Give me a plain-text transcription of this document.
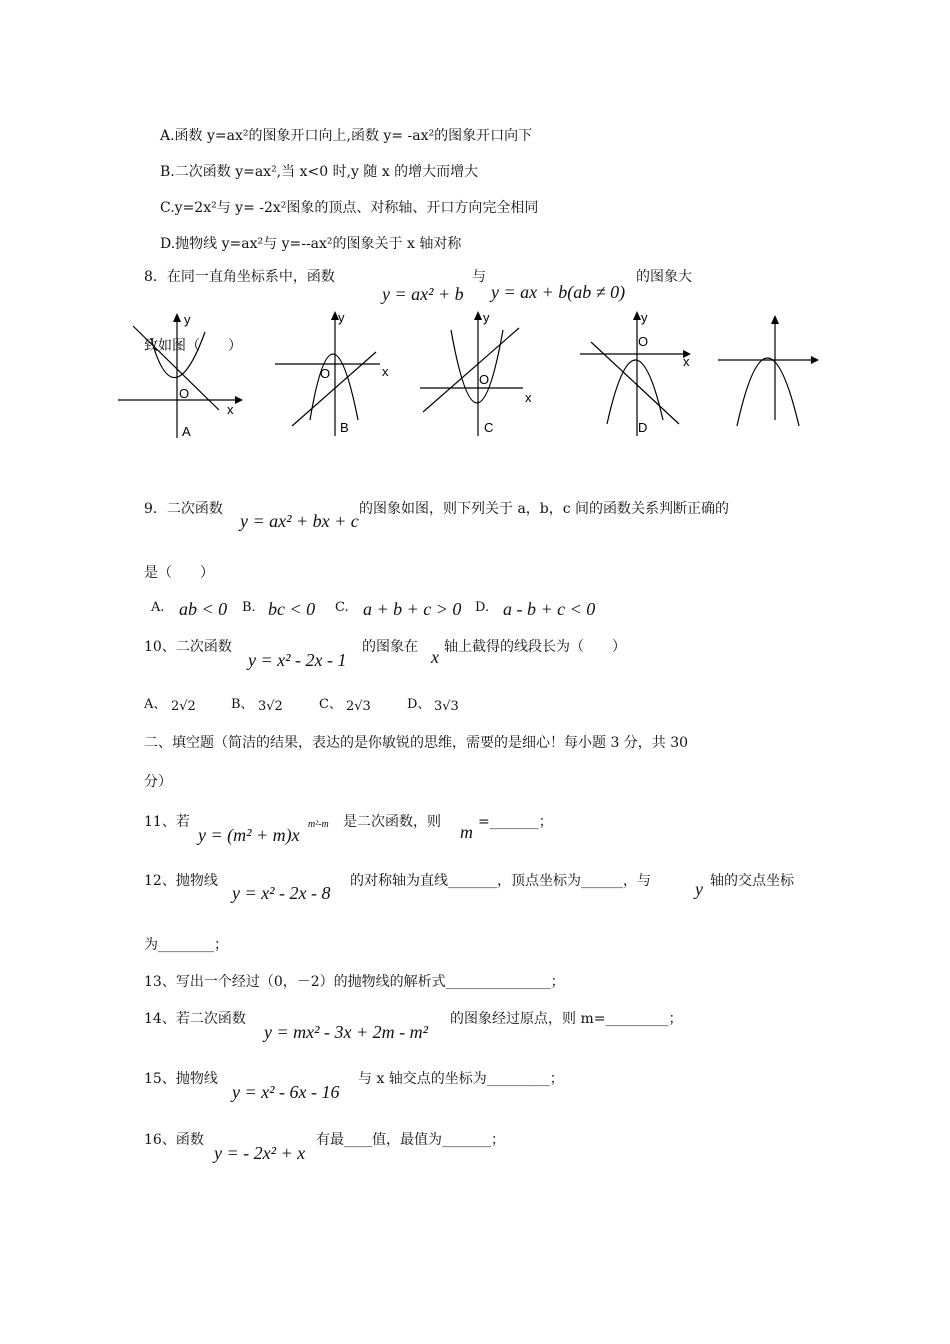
A.函数 y=ax²的图象开口向上,函数 y= -ax²的图象开口向下
B.二次函数 y=ax²,当 x<0 时,y 随 x 的增大而增大
C.y=2x²与 y= -2x²图象的顶点、对称轴、开口方向完全相同
D.抛物线 y=ax²与 y=--ax²的图象关于 x 轴对称
8．在同一直角坐标系中，函数
y = ax² + b
与
y = ax + b(ab ≠ 0)
的图象大
致如图（　　）
y
x
O
A
y
x
O
B
y
x
O
C
y
x
O
D
9．二次函数
y = ax² + bx + c
的图象如图，则下列关于 a，b，c 间的函数关系判断正确的
是（　　）
A. ab < 0 B. bc < 0 C. a + b + c > 0 D. a - b + c < 0
10、二次函数
y = x² - 2x - 1
的图象在 x 轴上截得的线段长为（　　）
A、 2√2	B、 3√2	C、 2√3	D、 3√3
二、填空题（简洁的结果，表达的是你敏锐的思维，需要的是细心！每小题 3 分，共 30
分）
11、若
y = (m² + m)x
m²-m 是二次函数，则 m =_______；
12、抛物线
y = x² - 2x - 8
的对称轴为直线_______，顶点坐标为______，与 y 轴的交点坐标
为________；
13、写出一个经过（0，－2）的抛物线的解析式_______________；
14、若二次函数
y = mx² - 3x + 2m - m²
的图象经过原点，则 m=_________；
15、抛物线
y = x² - 6x - 16
与 x 轴交点的坐标为_________；
16、函数
y = - 2x² + x
有最____值，最值为_______；
